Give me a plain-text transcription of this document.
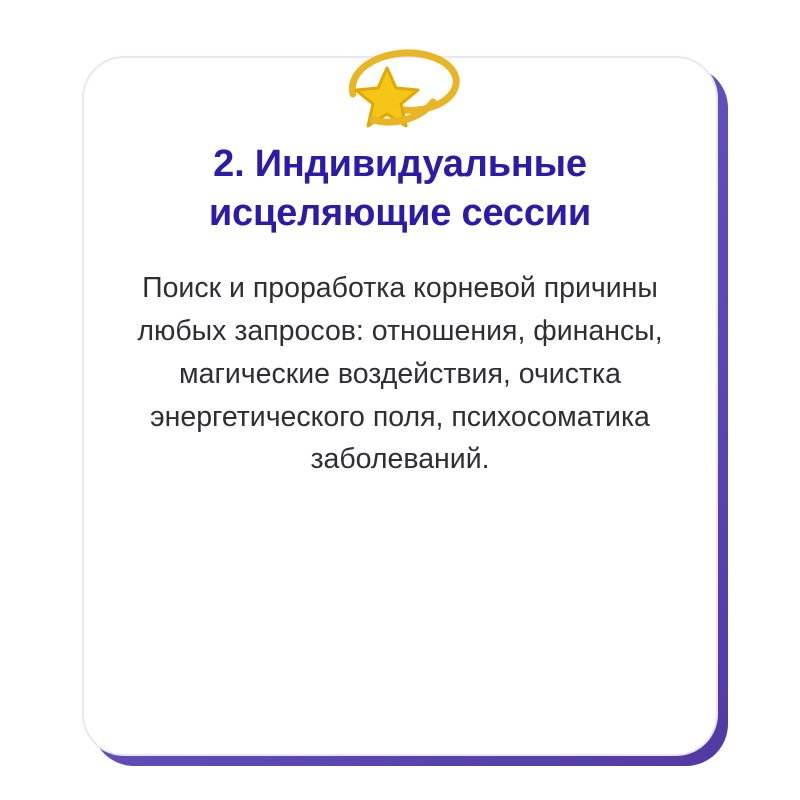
2. Индивидуальные исцеляющие сессии

Поиск и проработка корневой причины любых запросов: отношения, финансы, магические воздействия, очистка энергетического поля, психосоматика заболеваний.
